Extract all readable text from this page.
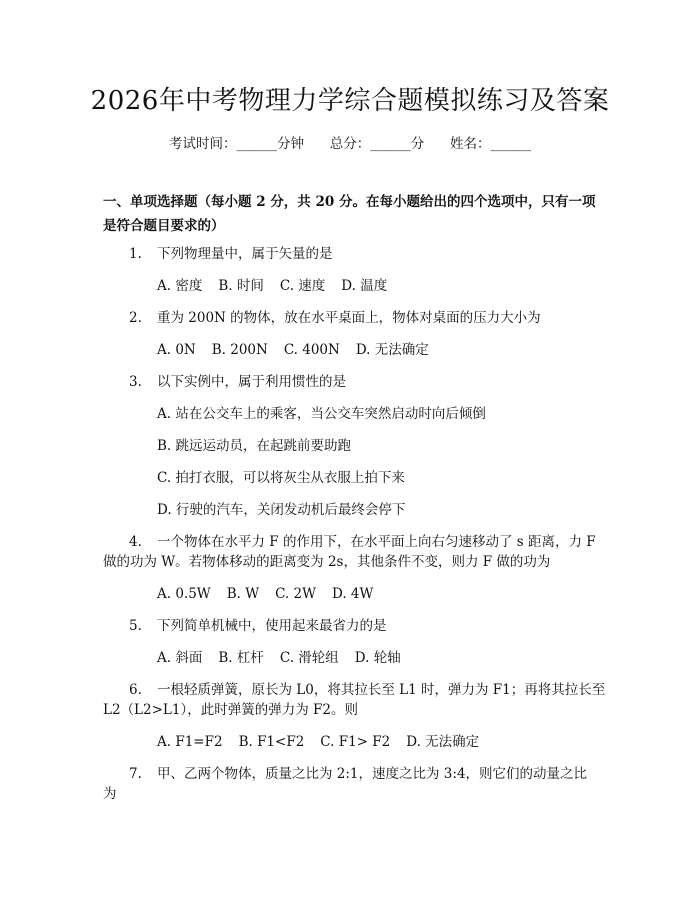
2026年中考物理力学综合题模拟练习及答案
考试时间：______分钟 总分：______分 姓名：______
一、单项选择题（每小题 2 分，共 20 分。在每小题给出的四个选项中，只有一项
是符合题目要求的）
1. 下列物理量中，属于矢量的是
A. 密度 B. 时间 C. 速度 D. 温度
2. 重为 200N 的物体，放在水平桌面上，物体对桌面的压力大小为
A. 0N B. 200N C. 400N D. 无法确定
3. 以下实例中，属于利用惯性的是
A. 站在公交车上的乘客，当公交车突然启动时向后倾倒
B. 跳远运动员，在起跳前要助跑
C. 拍打衣服，可以将灰尘从衣服上拍下来
D. 行驶的汽车，关闭发动机后最终会停下
4. 一个物体在水平力 F 的作用下，在水平面上向右匀速移动了 s 距离，力 F
做的功为 W。若物体移动的距离变为 2s，其他条件不变，则力 F 做的功为
A. 0.5W B. W C. 2W D. 4W
5. 下列简单机械中，使用起来最省力的是
A. 斜面 B. 杠杆 C. 滑轮组 D. 轮轴
6. 一根轻质弹簧，原长为 L0，将其拉长至 L1 时，弹力为 F1；再将其拉长至
L2（L2>L1），此时弹簧的弹力为 F2。则
A. F1=F2 B. F1<F2 C. F1> F2 D. 无法确定
7. 甲、乙两个物体，质量之比为 2:1，速度之比为 3:4，则它们的动量之比
为
